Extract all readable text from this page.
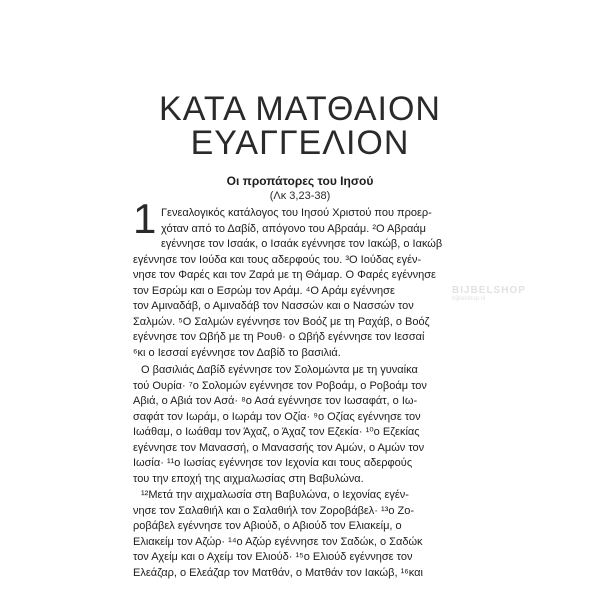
ΚΑΤΑ ΜΑΤΘΑΙΟΝ
ΕΥΑΓΓΕΛΙΟΝ
Οι προπάτορες του Ιησού
(Λκ 3,23-38)
1 Γενεαλογικός κατάλογος του Ιησού Χριστού που προερ-
χόταν από το Δαβίδ, απόγονο του Αβραάμ. ²Ο Αβραάμ
εγέννησε τον Ισαάκ, ο Ισαάκ εγέννησε τον Ιακώβ, ο Ιακώβ
εγέννησε τον Ιούδα και τους αδερφούς του. ³Ο Ιούδας εγέν-
νησε τον Φαρές και τον Ζαρά με τη Θάμαρ. Ο Φαρές εγέννησε
τον Εσρώμ και ο Εσρώμ τον Αράμ. ⁴Ο Αράμ εγέννησε
τον Αμιναδάβ, ο Αμιναδάβ τον Νασσών και ο Νασσών τον
Σαλμών. ⁵Ο Σαλμών εγέννησε τον Βοόζ με τη Ραχάβ, ο Βοόζ
εγέννησε τον Ωβήδ με τη Ρουθ· ο Ωβήδ εγέννησε τον Ιεσσαί
⁶κι ο Ιεσσαί εγέννησε τον Δαβίδ το βασιλιά.
Ο βασιλιάς Δαβίδ εγέννησε τον Σολομώντα με τη γυναίκα
τού Ουρία· ⁷ο Σολομών εγέννησε τον Ροβοάμ, ο Ροβοάμ τον
Αβιά, ο Αβιά τον Ασά· ⁸ο Ασά εγέννησε τον Ιωσαφάτ, ο Ιω-
σαφάτ τον Ιωράμ, ο Ιωράμ τον Οζία· ⁹ο Οζίας εγέννησε τον
Ιωάθαμ, ο Ιωάθαμ τον Άχαζ, ο Άχαζ τον Εζεκία· ¹⁰ο Εζεκίας
εγέννησε τον Μανασσή, ο Μανασσής τον Αμών, ο Αμών τον
Ιωσία· ¹¹ο Ιωσίας εγέννησε τον Ιεχονία και τους αδερφούς
του την εποχή της αιχμαλωσίας στη Βαβυλώνα.
¹²Μετά την αιχμαλωσία στη Βαβυλώνα, ο Ιεχονίας εγέν-
νησε τον Σαλαθιήλ και ο Σαλαθιήλ τον Ζοροβάβελ· ¹³ο Ζο-
ροβάβελ εγέννησε τον Αβιούδ, ο Αβιούδ τον Ελιακείμ, ο
Ελιακείμ τον Αζώρ· ¹⁴ο Αζώρ εγέννησε τον Σαδώκ, ο Σαδώκ
τον Αχείμ και ο Αχείμ τον Ελιούδ· ¹⁵ο Ελιούδ εγέννησε τον
Ελεάζαρ, ο Ελεάζαρ τον Ματθάν, ο Ματθάν τον Ιακώβ, ¹⁶και
BIJBELSHOP
bijbelshop.nl
